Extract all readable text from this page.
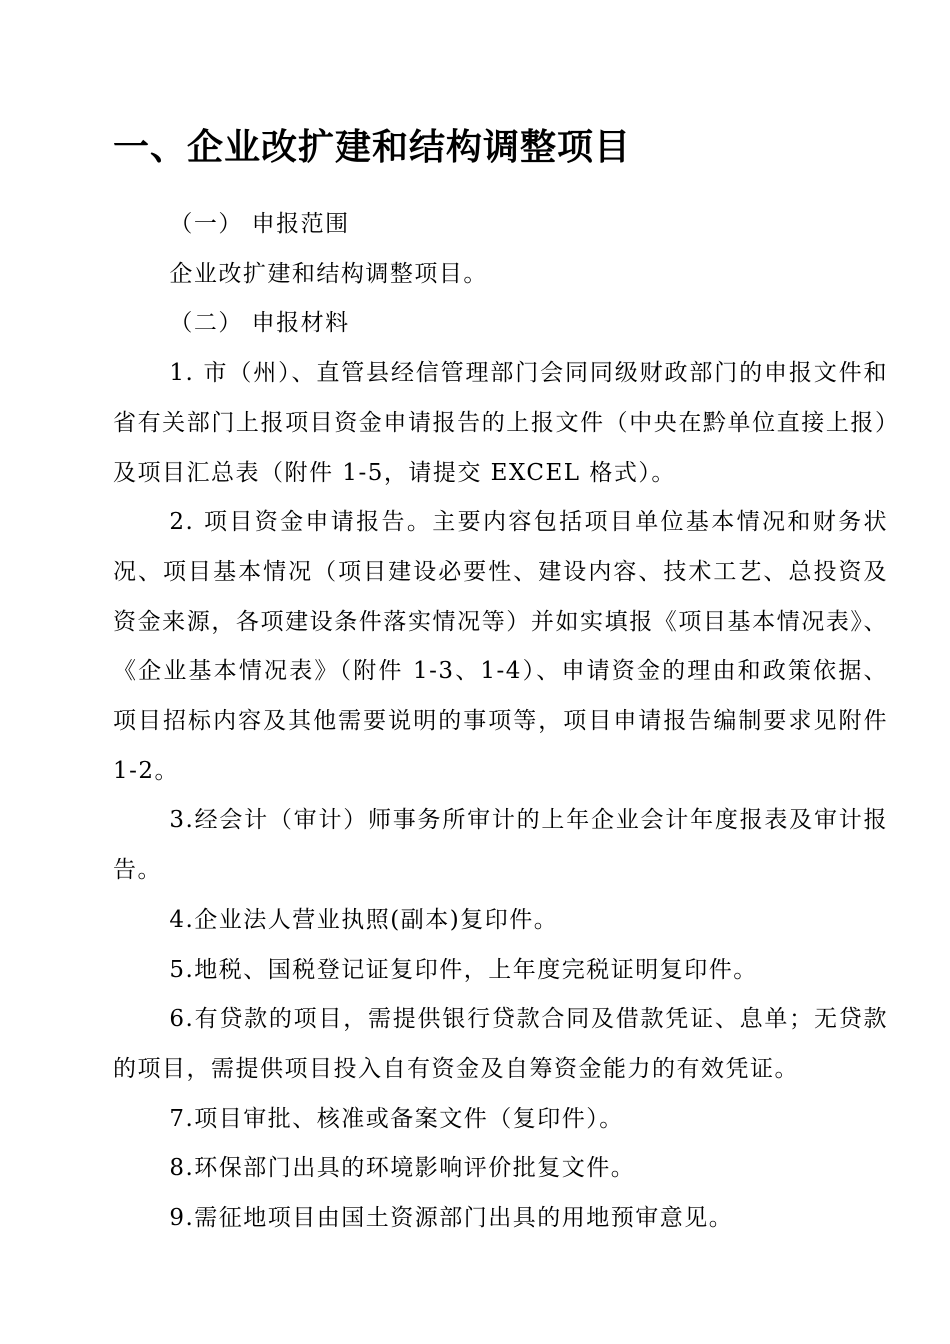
一、企业改扩建和结构调整项目

（一） 申报范围

企业改扩建和结构调整项目。

（二） 申报材料

1. 市（州）、直管县经信管理部门会同同级财政部门的申报文件和省有关部门上报项目资金申请报告的上报文件（中央在黔单位直接上报）及项目汇总表（附件 1-5，请提交 EXCEL 格式）。

2. 项目资金申请报告。主要内容包括项目单位基本情况和财务状况、项目基本情况（项目建设必要性、建设内容、技术工艺、总投资及资金来源，各项建设条件落实情况等）并如实填报《项目基本情况表》、《企业基本情况表》（附件 1-3、1-4）、申请资金的理由和政策依据、项目招标内容及其他需要说明的事项等，项目申请报告编制要求见附件 1-2。

3.经会计（审计）师事务所审计的上年企业会计年度报表及审计报告。

4.企业法人营业执照(副本)复印件。

5.地税、国税登记证复印件，上年度完税证明复印件。

6.有贷款的项目，需提供银行贷款合同及借款凭证、息单；无贷款的项目，需提供项目投入自有资金及自筹资金能力的有效凭证。

7.项目审批、核准或备案文件（复印件）。

8.环保部门出具的环境影响评价批复文件。

9.需征地项目由国土资源部门出具的用地预审意见。
